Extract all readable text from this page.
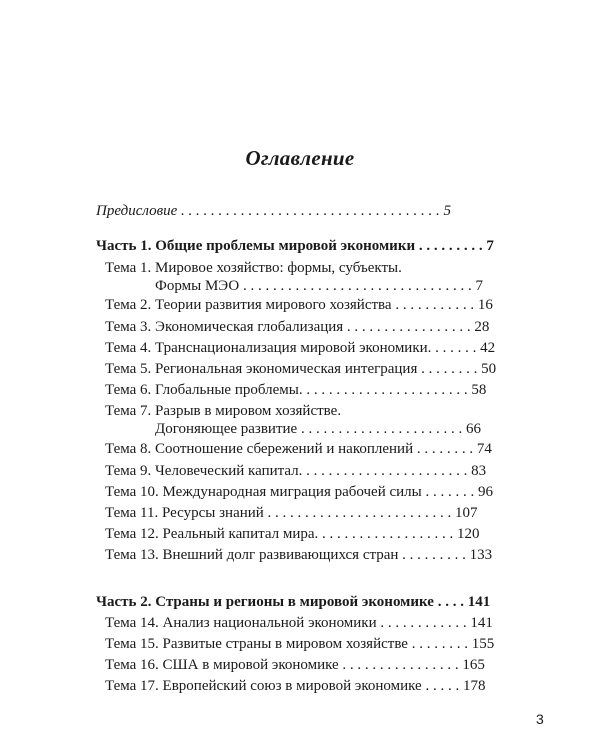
Оглавление
Предисловие . . . . . . . . . . . . . . . . . . . . . . . . . . . . . . . . . . . 5
Часть 1. Общие проблемы мировой экономики . . . . . . . . . 7
Тема 1. Мировое хозяйство: формы, субъекты.
Формы МЭО . . . . . . . . . . . . . . . . . . . . . . . . . . . . . . . 7
Тема 2. Теории развития мирового хозяйства . . . . . . . . . . . 16
Тема 3. Экономическая глобализация . . . . . . . . . . . . . . . . . 28
Тема 4. Транснационализация мировой экономики. . . . . . . 42
Тема 5. Региональная экономическая интеграция . . . . . . . . 50
Тема 6. Глобальные проблемы. . . . . . . . . . . . . . . . . . . . . . . 58
Тема 7. Разрыв в мировом хозяйстве.
Догоняющее развитие . . . . . . . . . . . . . . . . . . . . . . 66
Тема 8. Соотношение сбережений и накоплений . . . . . . . . 74
Тема 9. Человеческий капитал. . . . . . . . . . . . . . . . . . . . . . . 83
Тема 10. Международная миграция рабочей силы . . . . . . . 96
Тема 11. Ресурсы знаний . . . . . . . . . . . . . . . . . . . . . . . . . 107
Тема 12. Реальный капитал мира. . . . . . . . . . . . . . . . . . . 120
Тема 13. Внешний долг развивающихся стран . . . . . . . . . 133
Часть 2. Страны и регионы в мировой экономике . . . . 141
Тема 14. Анализ национальной экономики . . . . . . . . . . . . 141
Тема 15. Развитые страны в мировом хозяйстве . . . . . . . . 155
Тема 16. США в мировой экономике . . . . . . . . . . . . . . . . 165
Тема 17. Европейский союз в мировой экономике . . . . . 178
3
